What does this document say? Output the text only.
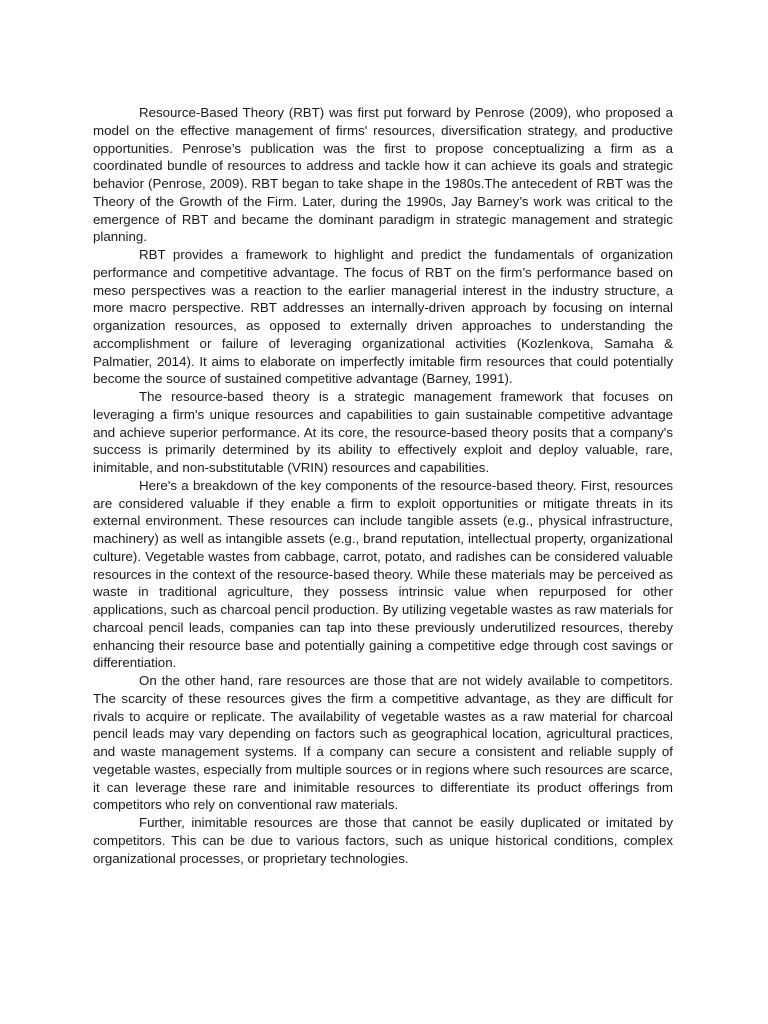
Resource-Based Theory (RBT) was first put forward by Penrose (2009), who proposed a model on the effective management of firms' resources, diversification strategy, and productive opportunities. Penrose’s publication was the first to propose conceptualizing a firm as a coordinated bundle of resources to address and tackle how it can achieve its goals and strategic behavior (Penrose, 2009). RBT began to take shape in the 1980s.The antecedent of RBT was the Theory of the Growth of the Firm. Later, during the 1990s, Jay Barney’s work was critical to the emergence of RBT and became the dominant paradigm in strategic management and strategic planning.

RBT provides a framework to highlight and predict the fundamentals of organization performance and competitive advantage. The focus of RBT on the firm’s performance based on meso perspectives was a reaction to the earlier managerial interest in the industry structure, a more macro perspective. RBT addresses an internally-driven approach by focusing on internal organization resources, as opposed to externally driven approaches to understanding the accomplishment or failure of leveraging organizational activities (Kozlenkova, Samaha & Palmatier, 2014). It aims to elaborate on imperfectly imitable firm resources that could potentially become the source of sustained competitive advantage (Barney, 1991).

The resource-based theory is a strategic management framework that focuses on leveraging a firm's unique resources and capabilities to gain sustainable competitive advantage and achieve superior performance. At its core, the resource-based theory posits that a company's success is primarily determined by its ability to effectively exploit and deploy valuable, rare, inimitable, and non-substitutable (VRIN) resources and capabilities.

Here's a breakdown of the key components of the resource-based theory. First, resources are considered valuable if they enable a firm to exploit opportunities or mitigate threats in its external environment. These resources can include tangible assets (e.g., physical infrastructure, machinery) as well as intangible assets (e.g., brand reputation, intellectual property, organizational culture). Vegetable wastes from cabbage, carrot, potato, and radishes can be considered valuable resources in the context of the resource-based theory. While these materials may be perceived as waste in traditional agriculture, they possess intrinsic value when repurposed for other applications, such as charcoal pencil production. By utilizing vegetable wastes as raw materials for charcoal pencil leads, companies can tap into these previously underutilized resources, thereby enhancing their resource base and potentially gaining a competitive edge through cost savings or differentiation.

On the other hand, rare resources are those that are not widely available to competitors. The scarcity of these resources gives the firm a competitive advantage, as they are difficult for rivals to acquire or replicate. The availability of vegetable wastes as a raw material for charcoal pencil leads may vary depending on factors such as geographical location, agricultural practices, and waste management systems. If a company can secure a consistent and reliable supply of vegetable wastes, especially from multiple sources or in regions where such resources are scarce, it can leverage these rare and inimitable resources to differentiate its product offerings from competitors who rely on conventional raw materials.

Further, inimitable resources are those that cannot be easily duplicated or imitated by competitors. This can be due to various factors, such as unique historical conditions, complex organizational processes, or proprietary technologies.
